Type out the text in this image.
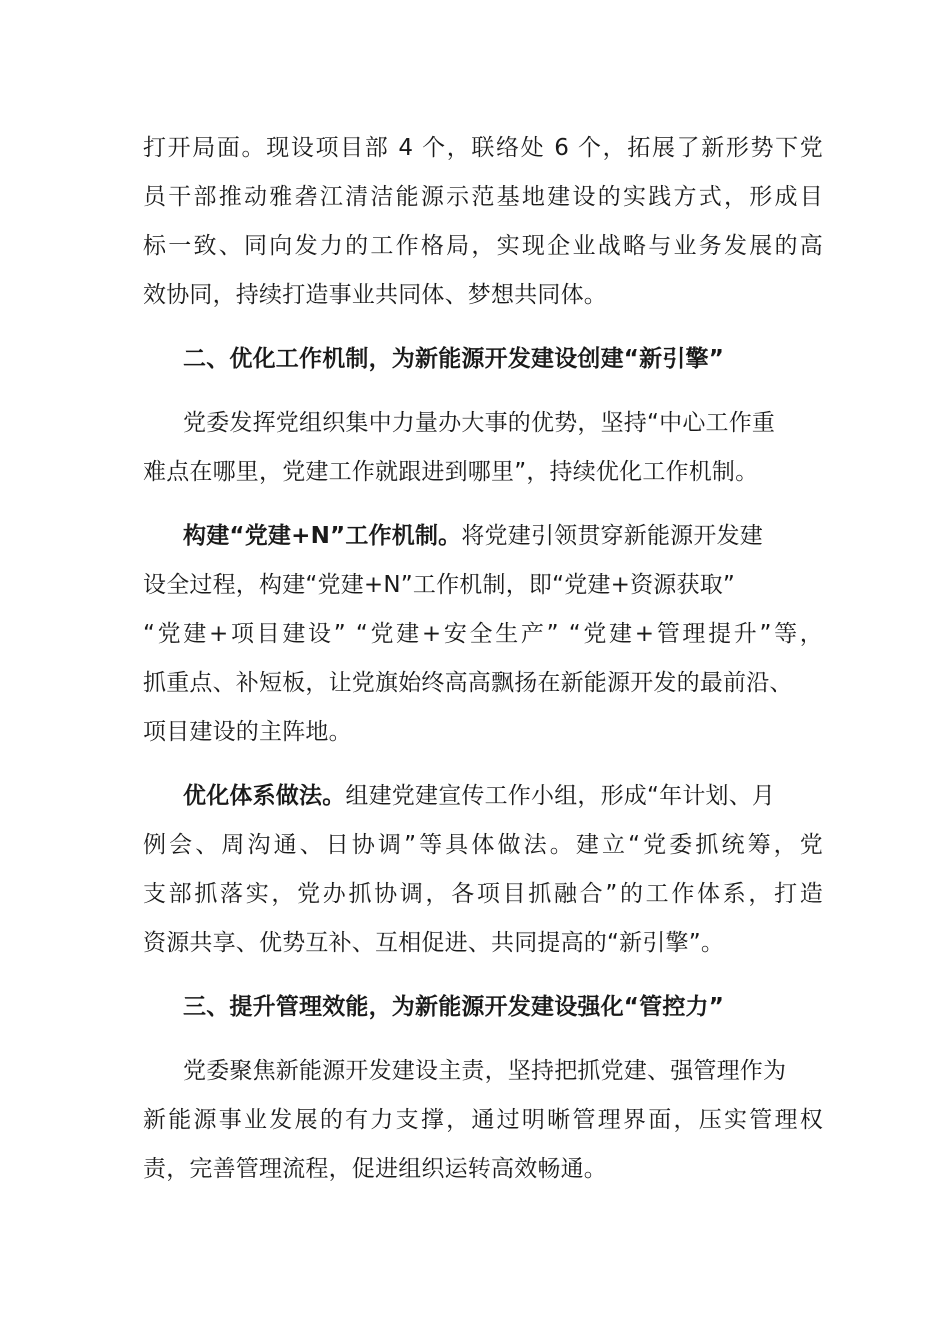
打开局面。现设项目部 4 个，联络处 6 个，拓展了新形势下党
员干部推动雅砻江清洁能源示范基地建设的实践方式，形成目
标一致、同向发力的工作格局，实现企业战略与业务发展的高
效协同，持续打造事业共同体、梦想共同体。
二、优化工作机制，为新能源开发建设创建“新引擎”
党委发挥党组织集中力量办大事的优势，坚持“中心工作重
难点在哪里，党建工作就跟进到哪里”，持续优化工作机制。
构建“党建+N”工作机制。将党建引领贯穿新能源开发建
设全过程，构建“党建+N”工作机制，即“党建+资源获取”
“党建+项目建设” “党建+安全生产” “党建+管理提升”等，
抓重点、补短板，让党旗始终高高飘扬在新能源开发的最前沿、
项目建设的主阵地。
优化体系做法。组建党建宣传工作小组，形成“年计划、月
例会、周沟通、日协调”等具体做法。建立“党委抓统筹，党
支部抓落实，党办抓协调，各项目抓融合”的工作体系，打造
资源共享、优势互补、互相促进、共同提高的“新引擎”。
三、提升管理效能，为新能源开发建设强化“管控力”
党委聚焦新能源开发建设主责，坚持把抓党建、强管理作为
新能源事业发展的有力支撑，通过明晰管理界面，压实管理权
责，完善管理流程，促进组织运转高效畅通。
